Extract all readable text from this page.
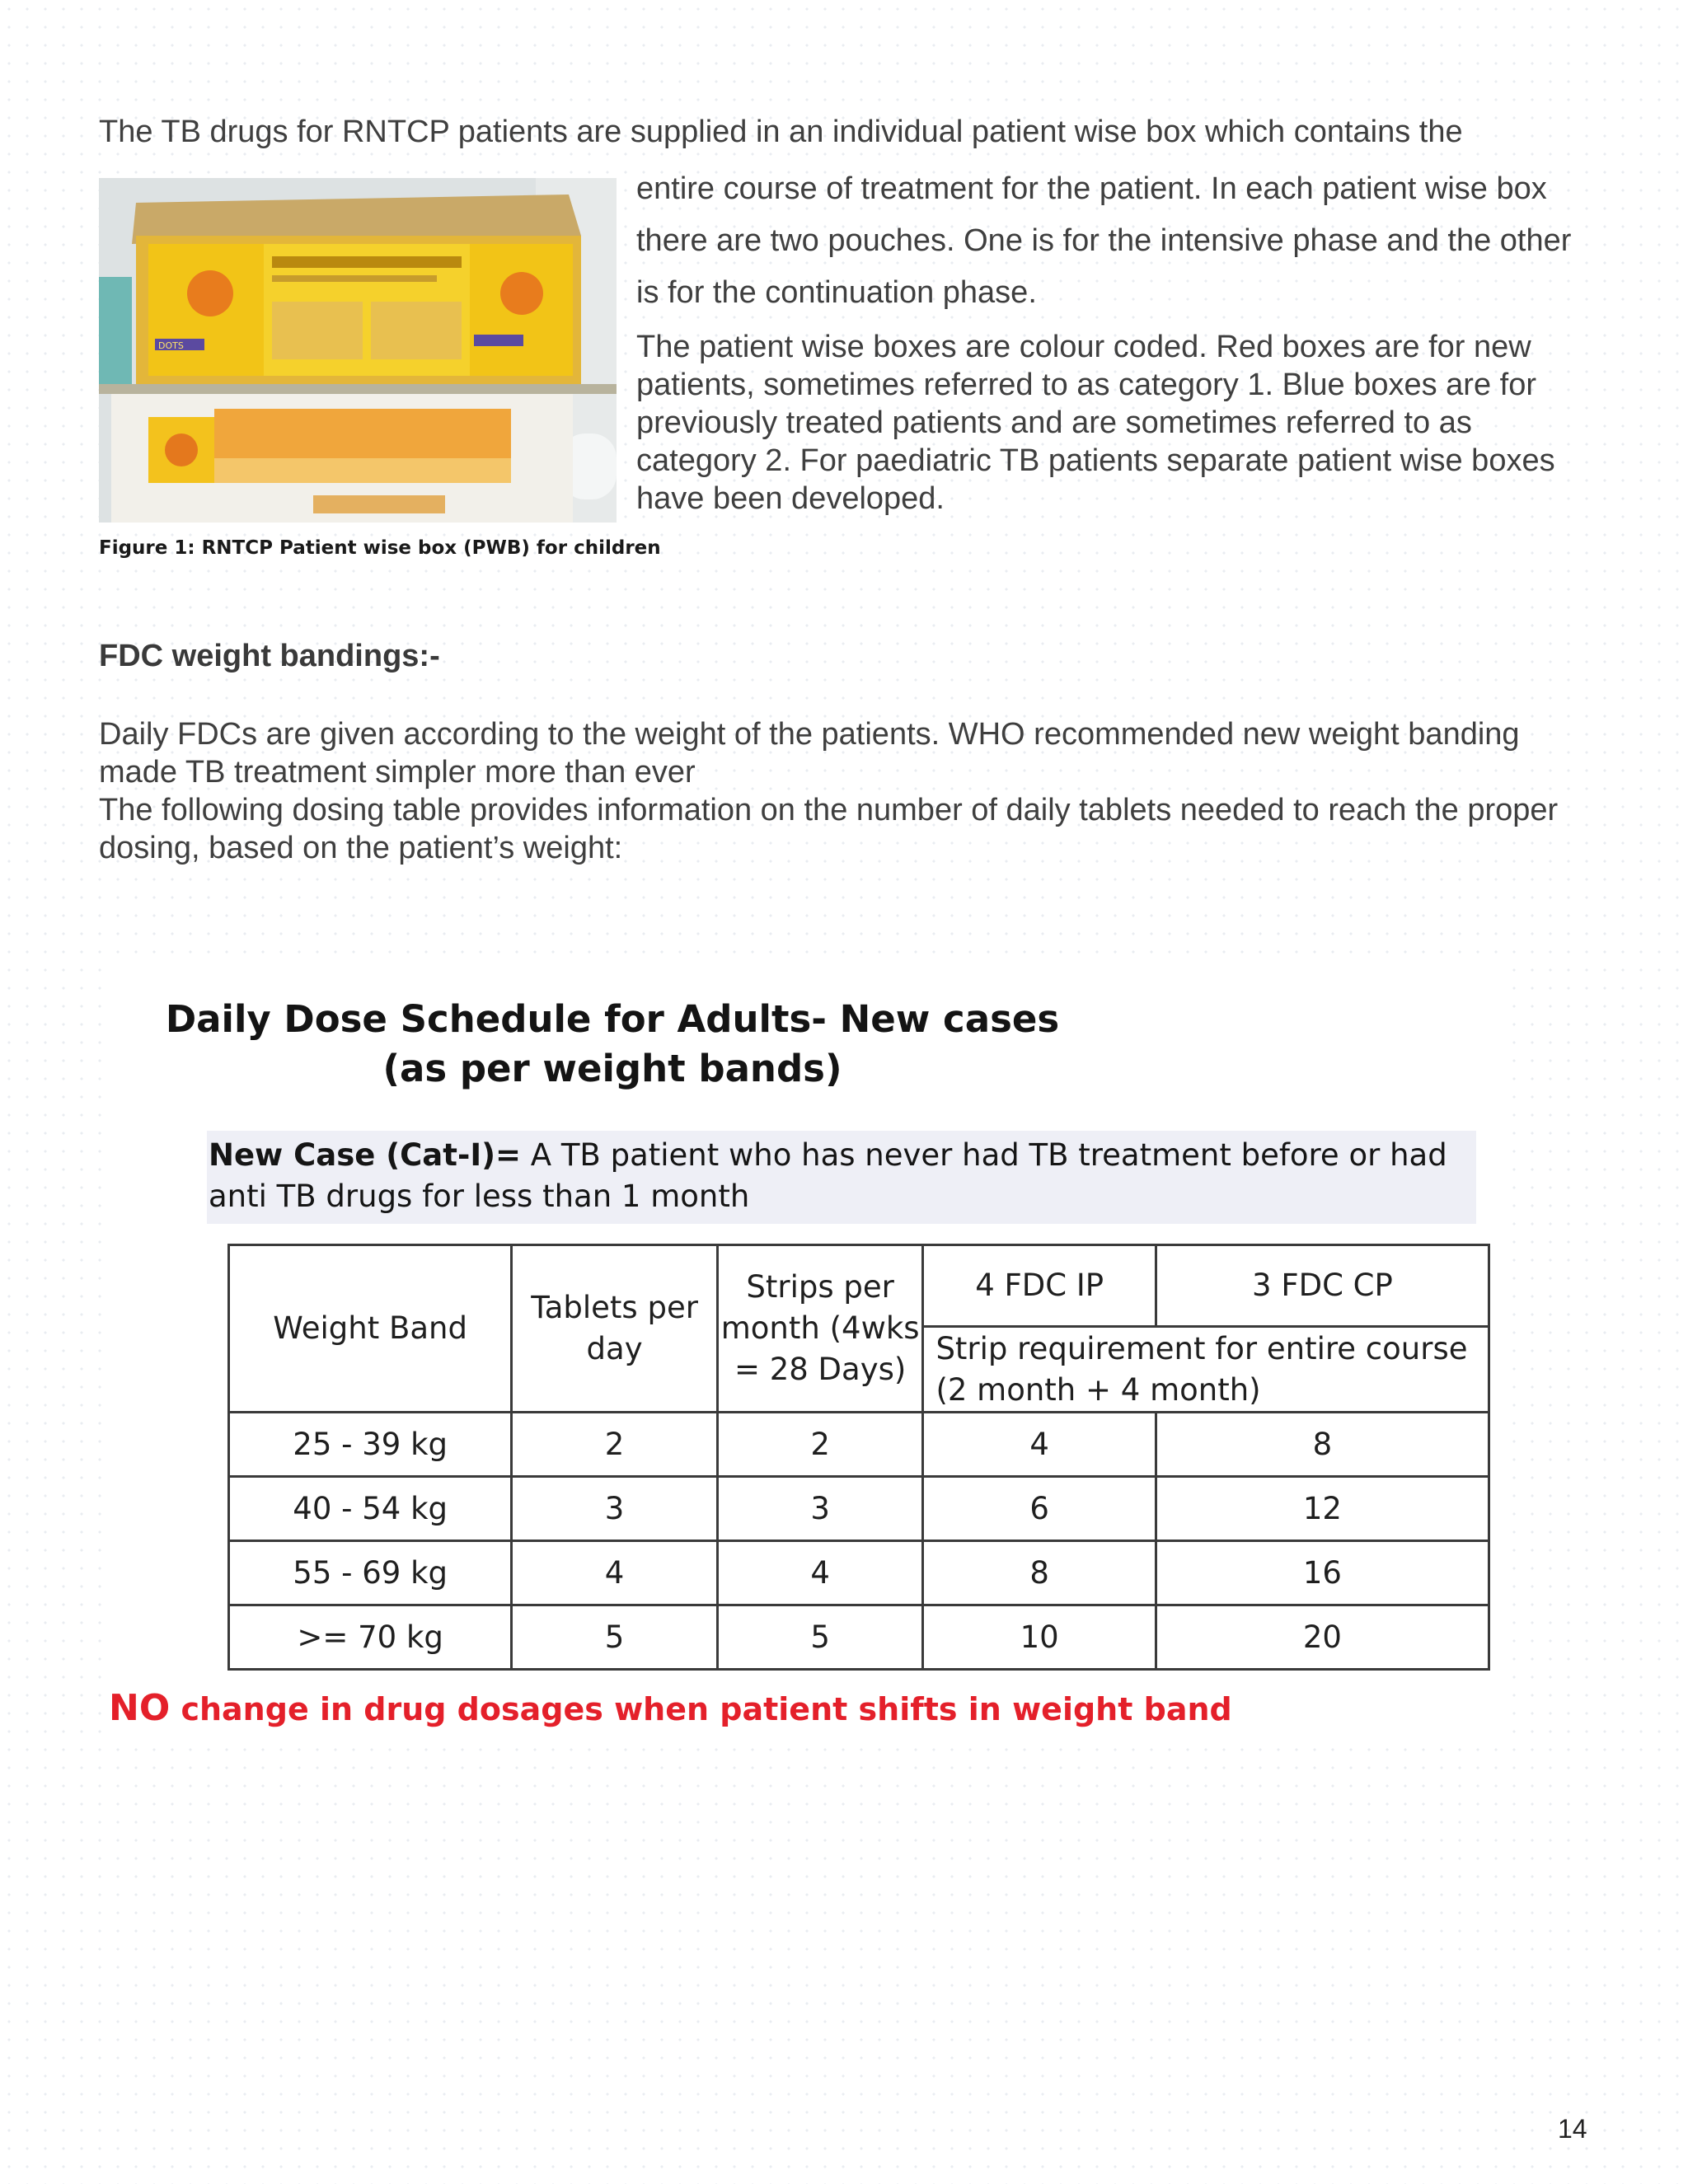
The TB drugs for RNTCP patients are supplied in an individual patient wise box which contains the
DOTS
entire course of treatment for the patient. In each patient wise box there are two pouches. One is for the intensive phase and the other is for the continuation phase.
The patient wise boxes are colour coded. Red boxes are for new patients, sometimes referred to as category 1. Blue boxes are for previously treated patients and are sometimes referred to as category 2. For paediatric TB patients separate patient wise boxes have been developed.
Figure 1: RNTCP Patient wise box (PWB) for children
FDC weight bandings:-
Daily FDCs are given according to the weight of the patients. WHO recommended new weight banding made TB treatment simpler more than ever
The following dosing table provides information on the number of daily tablets needed to reach the proper dosing, based on the patient’s weight:
Daily Dose Schedule for Adults- New cases
(as per weight bands)
New Case (Cat-I)= A TB patient who has never had TB treatment before or had anti TB drugs for less than 1 month
Weight Band	Tablets per day	Strips per month (4wks = 28 Days)	4 FDC IP	3 FDC CP
			Strip requirement for entire course (2 month + 4 month)	
25 - 39 kg	2	2	4	8
40 - 54 kg	3	3	6	12
55 - 69 kg	4	4	8	16
>= 70 kg	5	5	10	20
NO change in drug dosages when patient shifts in weight band
14
